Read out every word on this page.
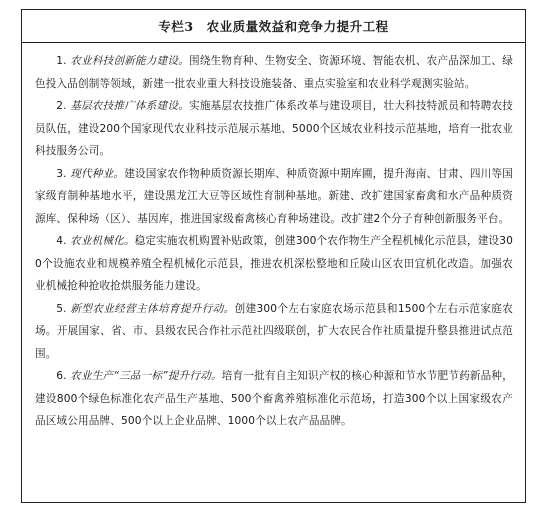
专栏3　农业质量效益和竞争力提升工程

1. 农业科技创新能力建设。围绕生物育种、生物安全、资源环境、智能农机、农产品深加工、绿色投入品创制等领域，新建一批农业重大科技设施装备、重点实验室和农业科学观测实验站。

2. 基层农技推广体系建设。实施基层农技推广体系改革与建设项目，壮大科技特派员和特聘农技员队伍，建设200个国家现代农业科技示范展示基地、5000个区域农业科技示范基地，培育一批农业科技服务公司。

3. 现代种业。建设国家农作物种质资源长期库、种质资源中期库圃，提升海南、甘肃、四川等国家级育制种基地水平，建设黑龙江大豆等区域性育制种基地。新建、改扩建国家畜禽和水产品种质资源库、保种场（区）、基因库，推进国家级畜禽核心育种场建设。改扩建2个分子育种创新服务平台。

4. 农业机械化。稳定实施农机购置补贴政策，创建300个农作物生产全程机械化示范县，建设300个设施农业和规模养殖全程机械化示范县，推进农机深松整地和丘陵山区农田宜机化改造。加强农业机械抢种抢收抢烘服务能力建设。

5. 新型农业经营主体培育提升行动。创建300个左右家庭农场示范县和1500个左右示范家庭农场。开展国家、省、市、县级农民合作社示范社四级联创，扩大农民合作社质量提升整县推进试点范围。

6. 农业生产“三品一标”提升行动。培育一批有自主知识产权的核心种源和节水节肥节药新品种，建设800个绿色标准化农产品生产基地、500个畜禽养殖标准化示范场，打造300个以上国家级农产品区域公用品牌、500个以上企业品牌、1000个以上农产品品牌。
